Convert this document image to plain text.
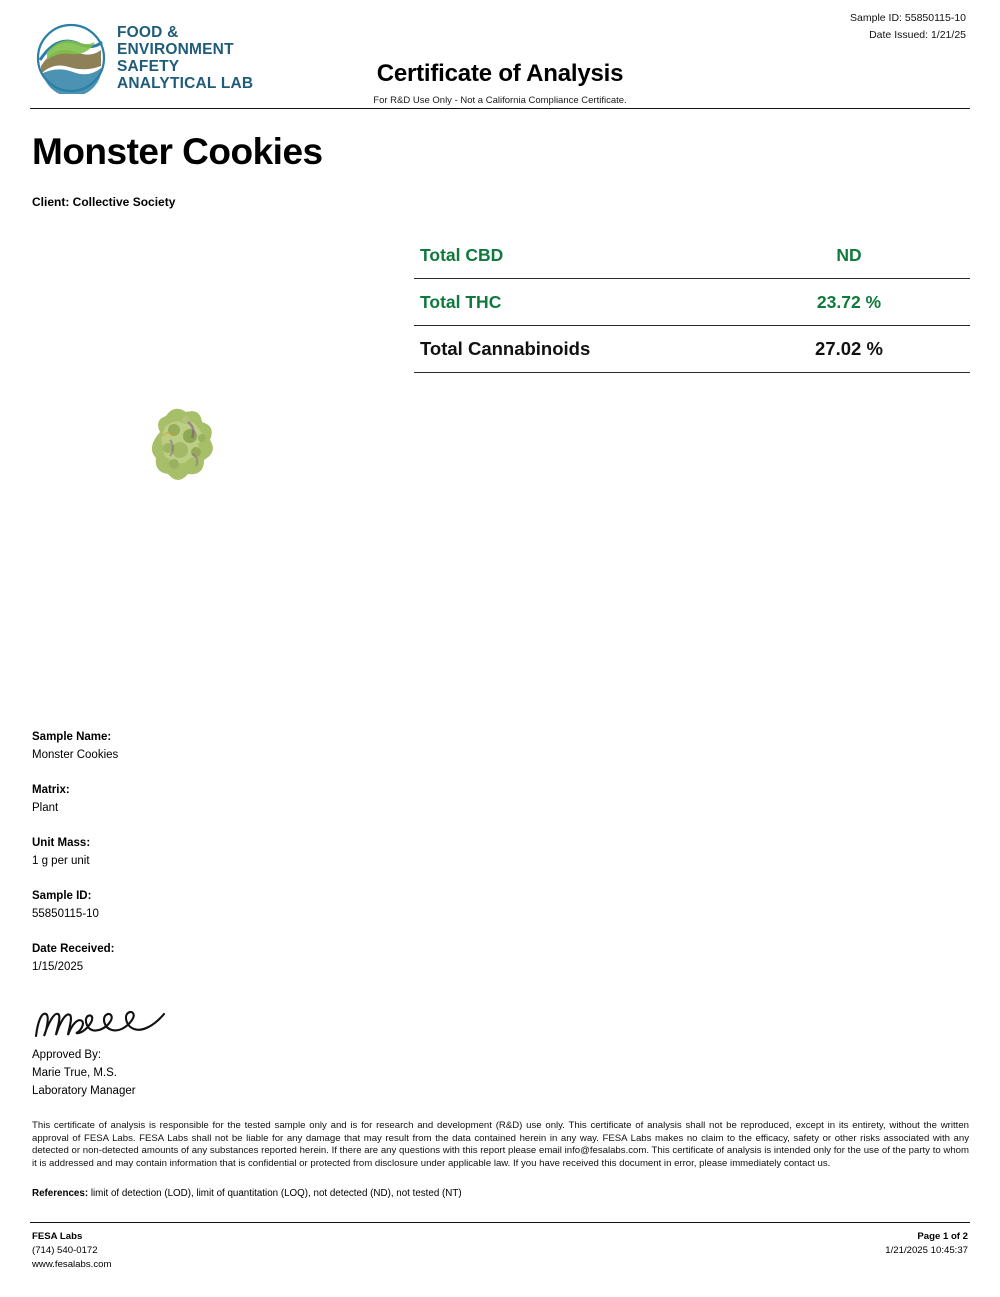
FOOD &
ENVIRONMENT
SAFETY
ANALYTICAL LAB	Certificate of Analysis
For R&D Use Only - Not a California Compliance Certificate.
Sample ID: 55850115-10
Date Issued: 1/21/25
Monster Cookies
Client: Collective Society
Total CBD	ND
Total THC	23.72 %
Total Cannabinoids	27.02 %
Sample Name:
Monster Cookies
Matrix:
Plant
Unit Mass:
1 g per unit
Sample ID:
55850115-10
Date Received:
1/15/2025
Approved By:
Marie True, M.S.
Laboratory Manager
This certificate of analysis is responsible for the tested sample only and is for research and development (R&D) use only. This certificate of analysis shall not be reproduced, except in its entirety, without the written approval of FESA Labs. FESA Labs shall not be liable for any damage that may result from the data contained herein in any way. FESA Labs makes no claim to the efficacy, safety or other risks associated with any detected or non-detected amounts of any substances reported herein. If there are any questions with this report please email info@fesalabs.com. This certificate of analysis is intended only for the use of the party to whom it is addressed and may contain information that is confidential or protected from disclosure under applicable law. If you have received this document in error, please immediately contact us.
References: limit of detection (LOD), limit of quantitation (LOQ), not detected (ND), not tested (NT)
FESA Labs
(714) 540-0172
www.fesalabs.com
Page 1 of 2
1/21/2025 10:45:37
